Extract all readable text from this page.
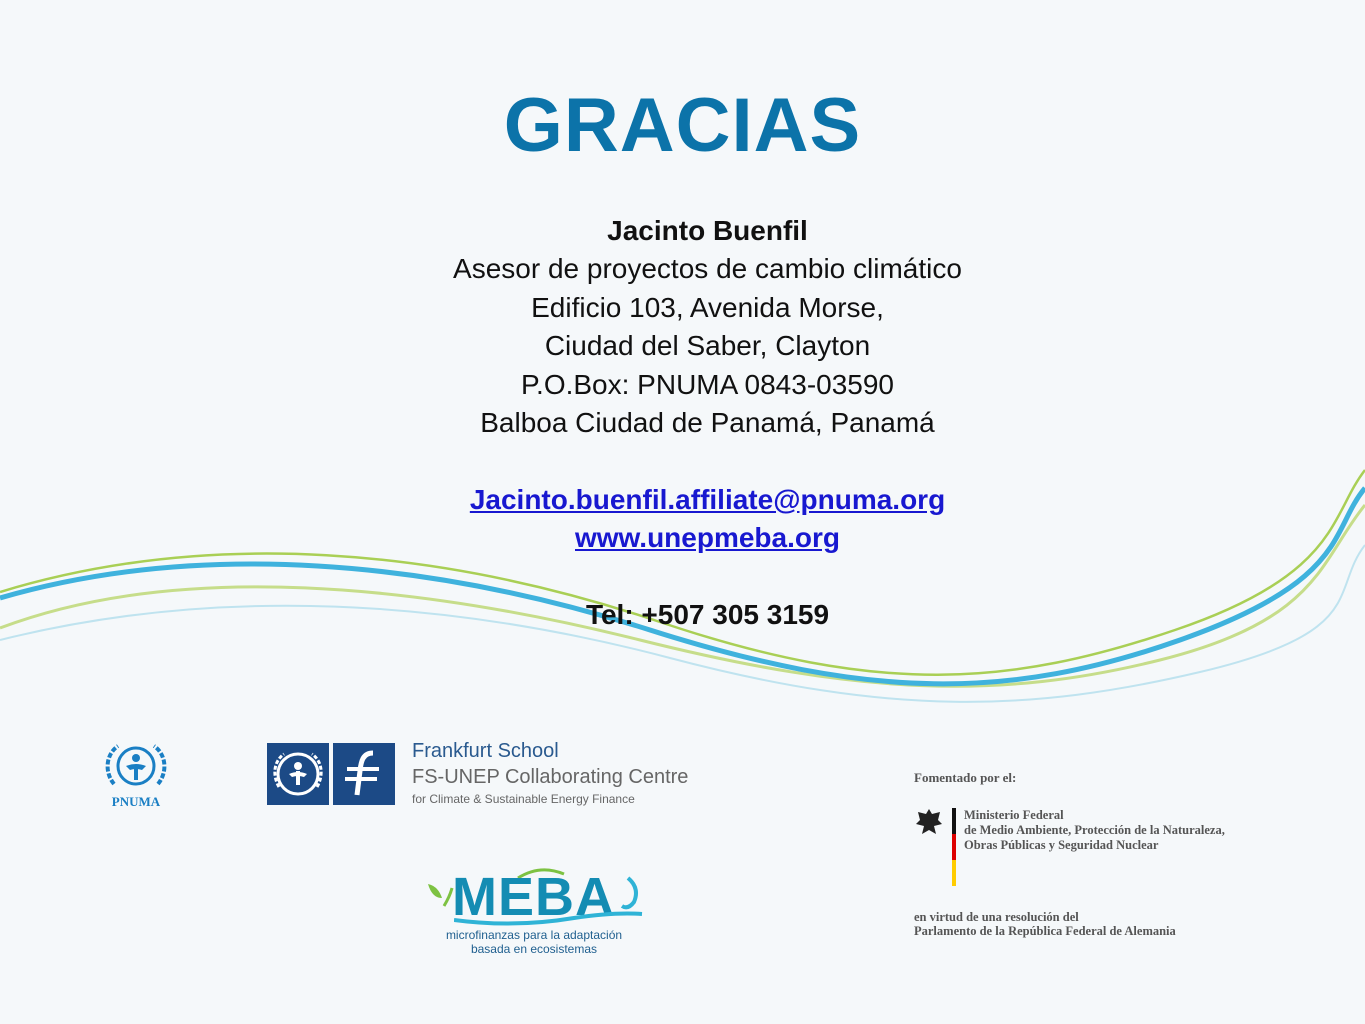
GRACIAS
Jacinto Buenfil
Asesor de proyectos de cambio climático
Edificio 103, Avenida Morse,
Ciudad del Saber, Clayton
P.O.Box: PNUMA 0843-03590
Balboa Ciudad de Panamá, Panamá
Jacinto.buenfil.affiliate@pnuma.org
www.unepmeba.org
Tel: +507 305 3159
PNUMA
Frankfurt School
FS-UNEP Collaborating Centre
for Climate & Sustainable Energy Finance
MEBA
microfinanzas para la adaptación
basada en ecosistemas
Fomentado por el:
Ministerio Federal
de Medio Ambiente, Protección de la Naturaleza,
Obras Públicas y Seguridad Nuclear
en virtud de una resolución del
Parlamento de la República Federal de Alemania
